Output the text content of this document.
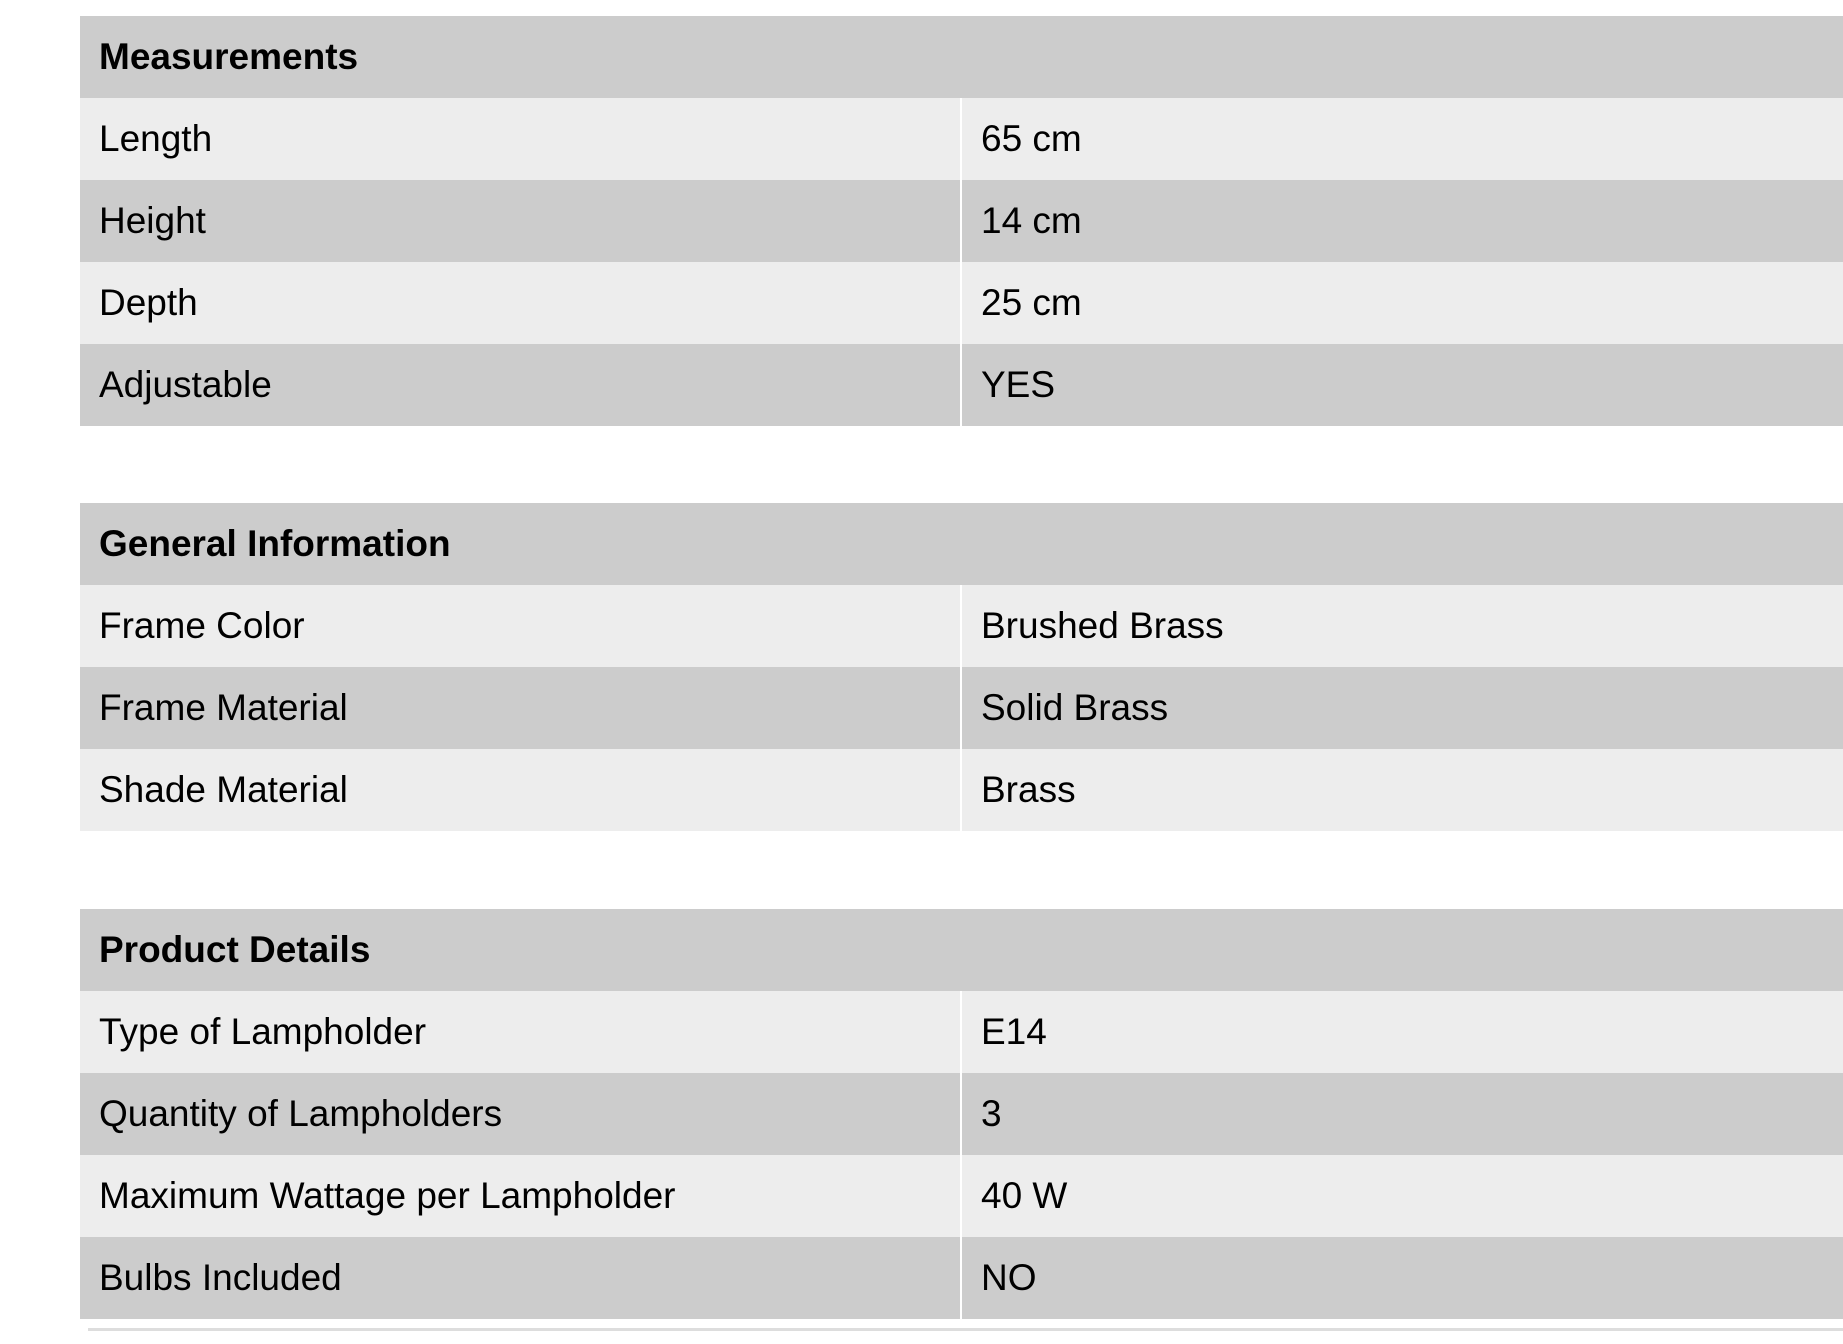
Measurements
Length	65 cm
Height	14 cm
Depth	25 cm
Adjustable	YES
General Information
Frame Color	Brushed Brass
Frame Material	Solid Brass
Shade Material	Brass
Product Details
Type of Lampholder	E14
Quantity of Lampholders	3
Maximum Wattage per Lampholder	40 W
Bulbs Included	NO
